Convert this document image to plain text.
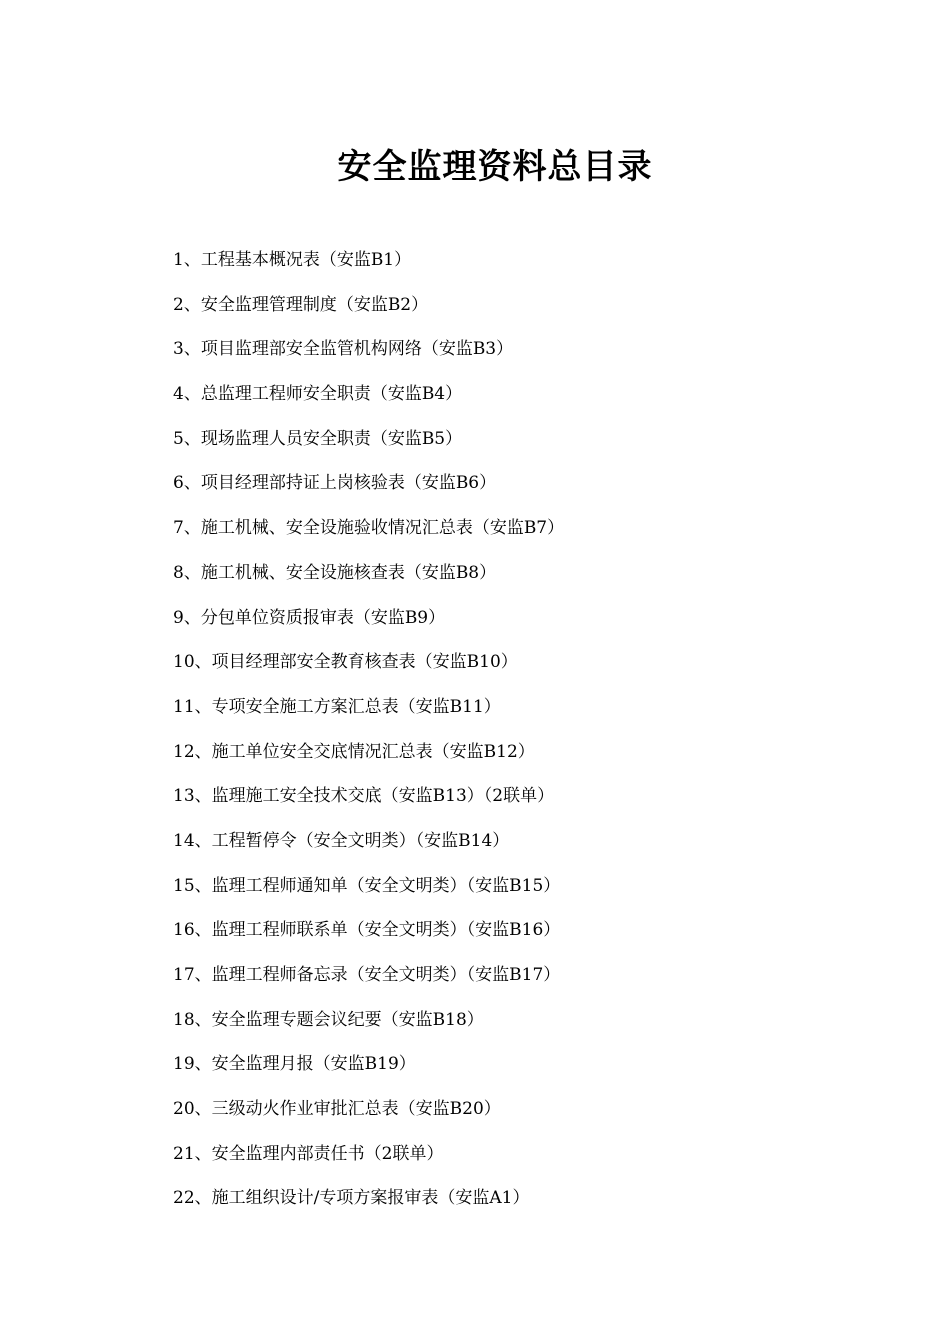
安全监理资料总目录
1、工程基本概况表（安监B1）
2、安全监理管理制度（安监B2）
3、项目监理部安全监管机构网络（安监B3）
4、总监理工程师安全职责（安监B4）
5、现场监理人员安全职责（安监B5）
6、项目经理部持证上岗核验表（安监B6）
7、施工机械、安全设施验收情况汇总表（安监B7）
8、施工机械、安全设施核查表（安监B8）
9、分包单位资质报审表（安监B9）
10、项目经理部安全教育核查表（安监B10）
11、专项安全施工方案汇总表（安监B11）
12、施工单位安全交底情况汇总表（安监B12）
13、监理施工安全技术交底（安监B13）（2联单）
14、工程暂停令（安全文明类）（安监B14）
15、监理工程师通知单（安全文明类）（安监B15）
16、监理工程师联系单（安全文明类）（安监B16）
17、监理工程师备忘录（安全文明类）（安监B17）
18、安全监理专题会议纪要（安监B18）
19、安全监理月报（安监B19）
20、三级动火作业审批汇总表（安监B20）
21、安全监理内部责任书（2联单）
22、施工组织设计/专项方案报审表（安监A1）
